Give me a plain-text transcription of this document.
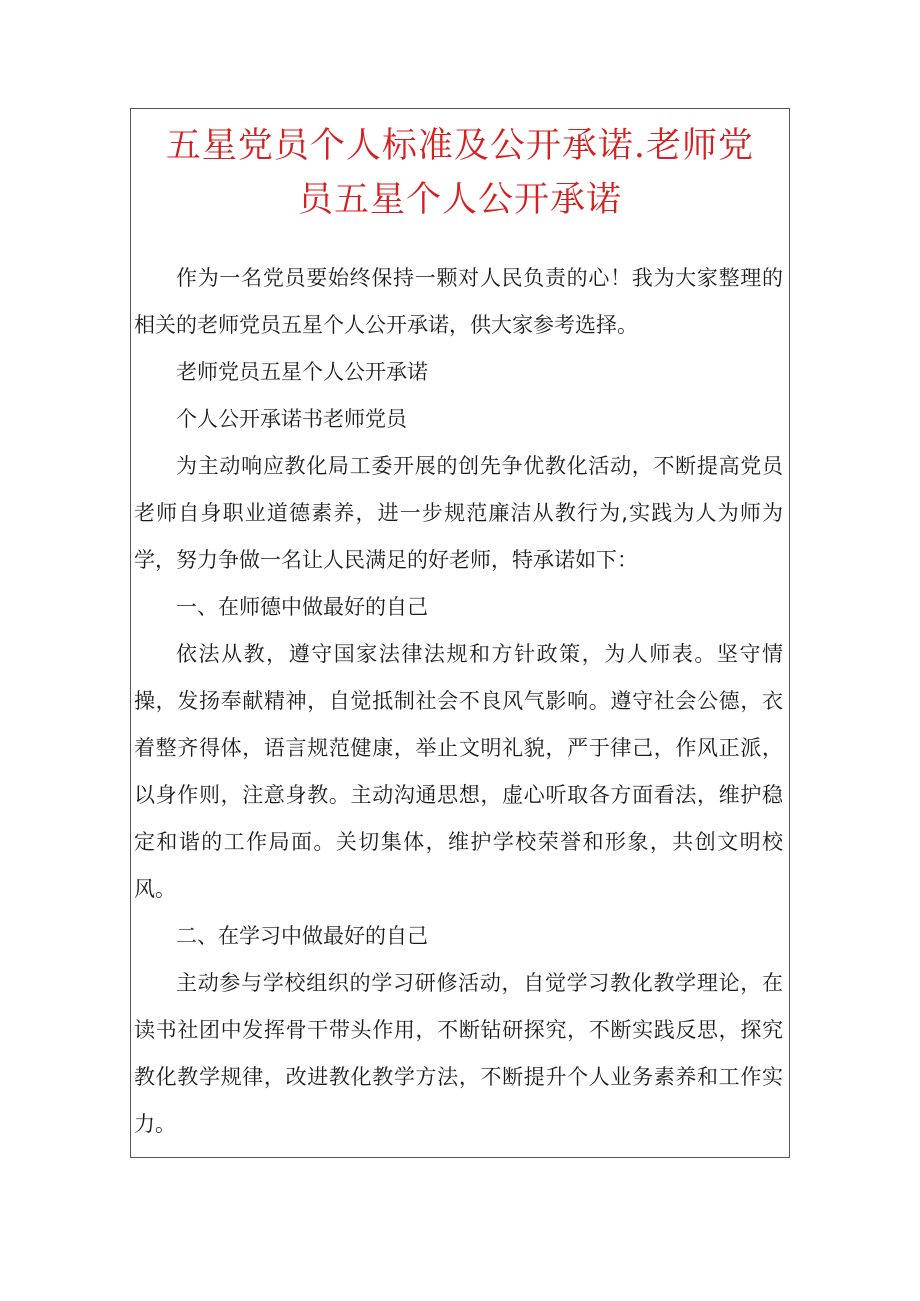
五星党员个人标准及公开承诺.老师党员五星个人公开承诺

作为一名党员要始终保持一颗对人民负责的心！我为大家整理的相关的老师党员五星个人公开承诺，供大家参考选择。

老师党员五星个人公开承诺

个人公开承诺书老师党员

为主动响应教化局工委开展的创先争优教化活动，不断提高党员老师自身职业道德素养，进一步规范廉洁从教行为,实践为人为师为学，努力争做一名让人民满足的好老师，特承诺如下：

一、在师德中做最好的自己

依法从教，遵守国家法律法规和方针政策，为人师表。坚守情操，发扬奉献精神，自觉抵制社会不良风气影响。遵守社会公德，衣着整齐得体，语言规范健康，举止文明礼貌，严于律己，作风正派，以身作则，注意身教。主动沟通思想，虚心听取各方面看法，维护稳定和谐的工作局面。关切集体，维护学校荣誉和形象，共创文明校风。

二、在学习中做最好的自己

主动参与学校组织的学习研修活动，自觉学习教化教学理论，在读书社团中发挥骨干带头作用，不断钻研探究，不断实践反思，探究教化教学规律，改进教化教学方法，不断提升个人业务素养和工作实力。
